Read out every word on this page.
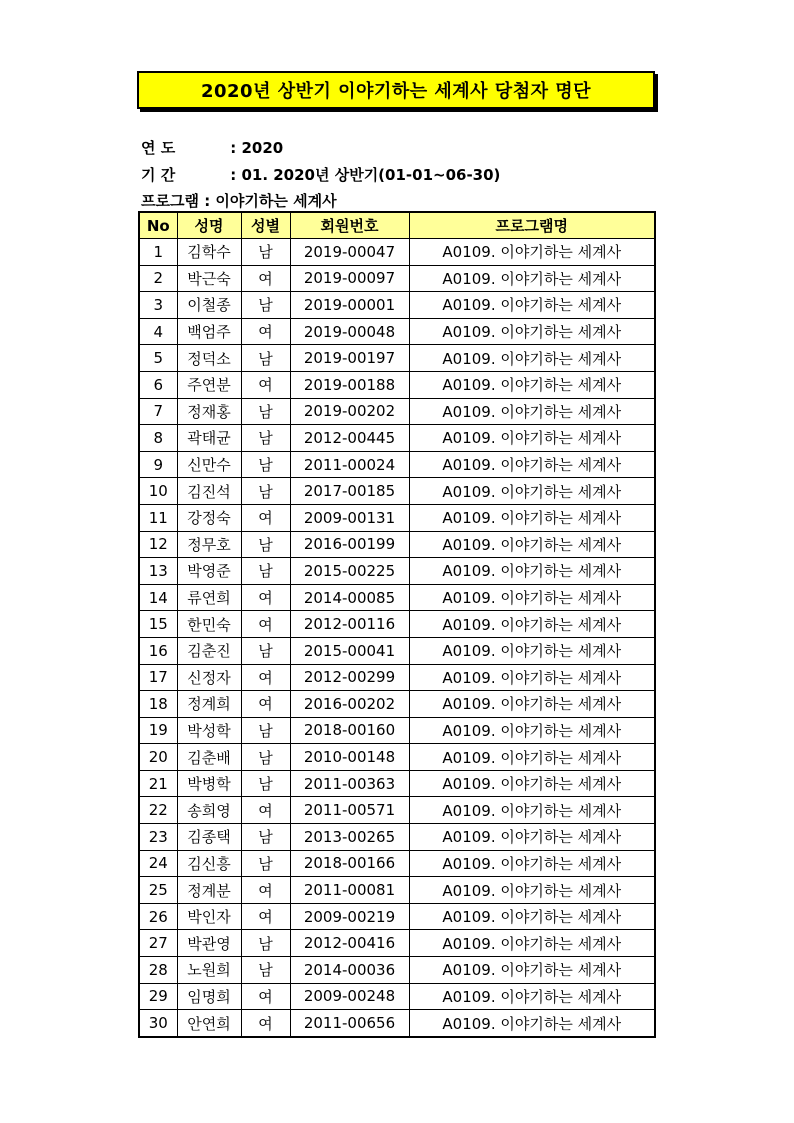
2020년 상반기 이야기하는 세계사 당첨자 명단
연 도	: 2020
기 간	: 01. 2020년 상반기(01-01~06-30)
프로그램 : 이야기하는 세계사
No	성명	성별	회원번호	프로그램명
1	김학수	남	2019-00047	A0109. 이야기하는 세계사
2	박근숙	여	2019-00097	A0109. 이야기하는 세계사
3	이철종	남	2019-00001	A0109. 이야기하는 세계사
4	백엄주	여	2019-00048	A0109. 이야기하는 세계사
5	정덕소	남	2019-00197	A0109. 이야기하는 세계사
6	주연분	여	2019-00188	A0109. 이야기하는 세계사
7	정재홍	남	2019-00202	A0109. 이야기하는 세계사
8	곽태균	남	2012-00445	A0109. 이야기하는 세계사
9	신만수	남	2011-00024	A0109. 이야기하는 세계사
10	김진석	남	2017-00185	A0109. 이야기하는 세계사
11	강정숙	여	2009-00131	A0109. 이야기하는 세계사
12	정무호	남	2016-00199	A0109. 이야기하는 세계사
13	박영준	남	2015-00225	A0109. 이야기하는 세계사
14	류연희	여	2014-00085	A0109. 이야기하는 세계사
15	한민숙	여	2012-00116	A0109. 이야기하는 세계사
16	김춘진	남	2015-00041	A0109. 이야기하는 세계사
17	신정자	여	2012-00299	A0109. 이야기하는 세계사
18	정계희	여	2016-00202	A0109. 이야기하는 세계사
19	박성학	남	2018-00160	A0109. 이야기하는 세계사
20	김춘배	남	2010-00148	A0109. 이야기하는 세계사
21	박병학	남	2011-00363	A0109. 이야기하는 세계사
22	송희영	여	2011-00571	A0109. 이야기하는 세계사
23	김종택	남	2013-00265	A0109. 이야기하는 세계사
24	김신흥	남	2018-00166	A0109. 이야기하는 세계사
25	정계분	여	2011-00081	A0109. 이야기하는 세계사
26	박인자	여	2009-00219	A0109. 이야기하는 세계사
27	박관영	남	2012-00416	A0109. 이야기하는 세계사
28	노원희	남	2014-00036	A0109. 이야기하는 세계사
29	임명희	여	2009-00248	A0109. 이야기하는 세계사
30	안연희	여	2011-00656	A0109. 이야기하는 세계사
